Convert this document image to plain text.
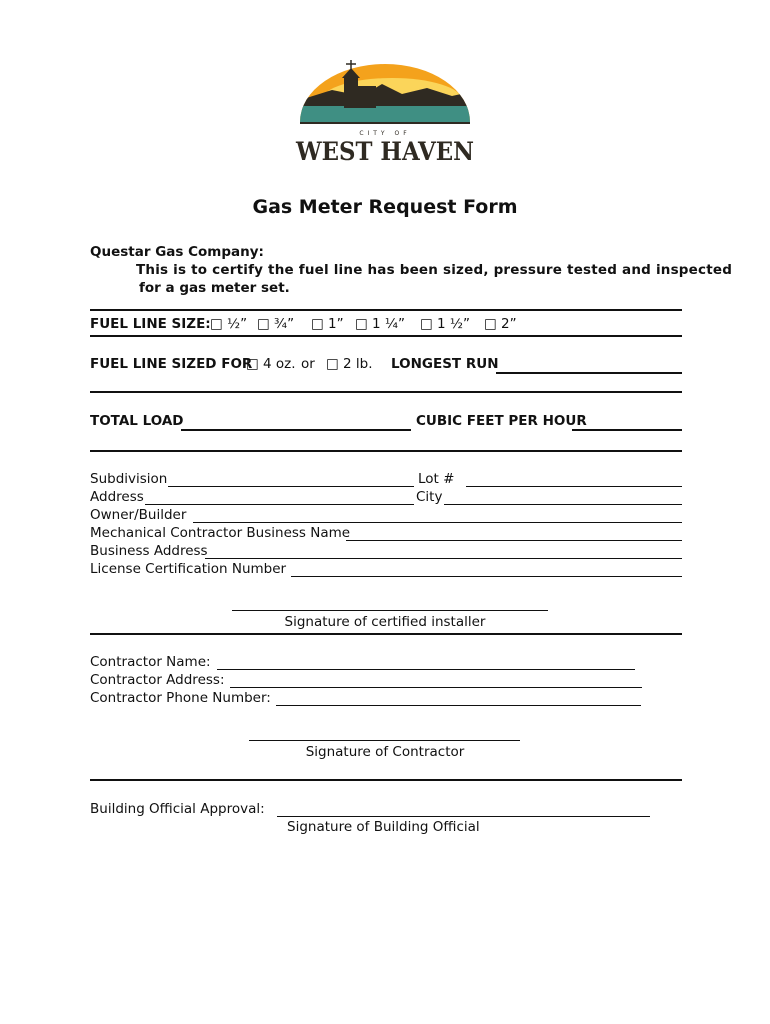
CITY OF
WEST HAVEN
Gas Meter Request Form
Questar Gas Company:
This is to certify the fuel line has been sized, pressure tested and inspected
for a gas meter set.
FUEL LINE SIZE: □ ½” □ ¾” □ 1” □ 1 ¼” □ 1 ½” □ 2”
FUEL LINE SIZED FOR
□ 4 oz. or □ 2 lb. LONGEST RUN
TOTAL LOAD	CUBIC FEET PER HOUR
Subdivision	Lot #
Address	City
Owner/Builder
Mechanical Contractor Business Name
Business Address
License Certification Number
Signature of certified installer
Contractor Name:
Contractor Address:
Contractor Phone Number:
Signature of Contractor
Building Official Approval:
Signature of Building Official
